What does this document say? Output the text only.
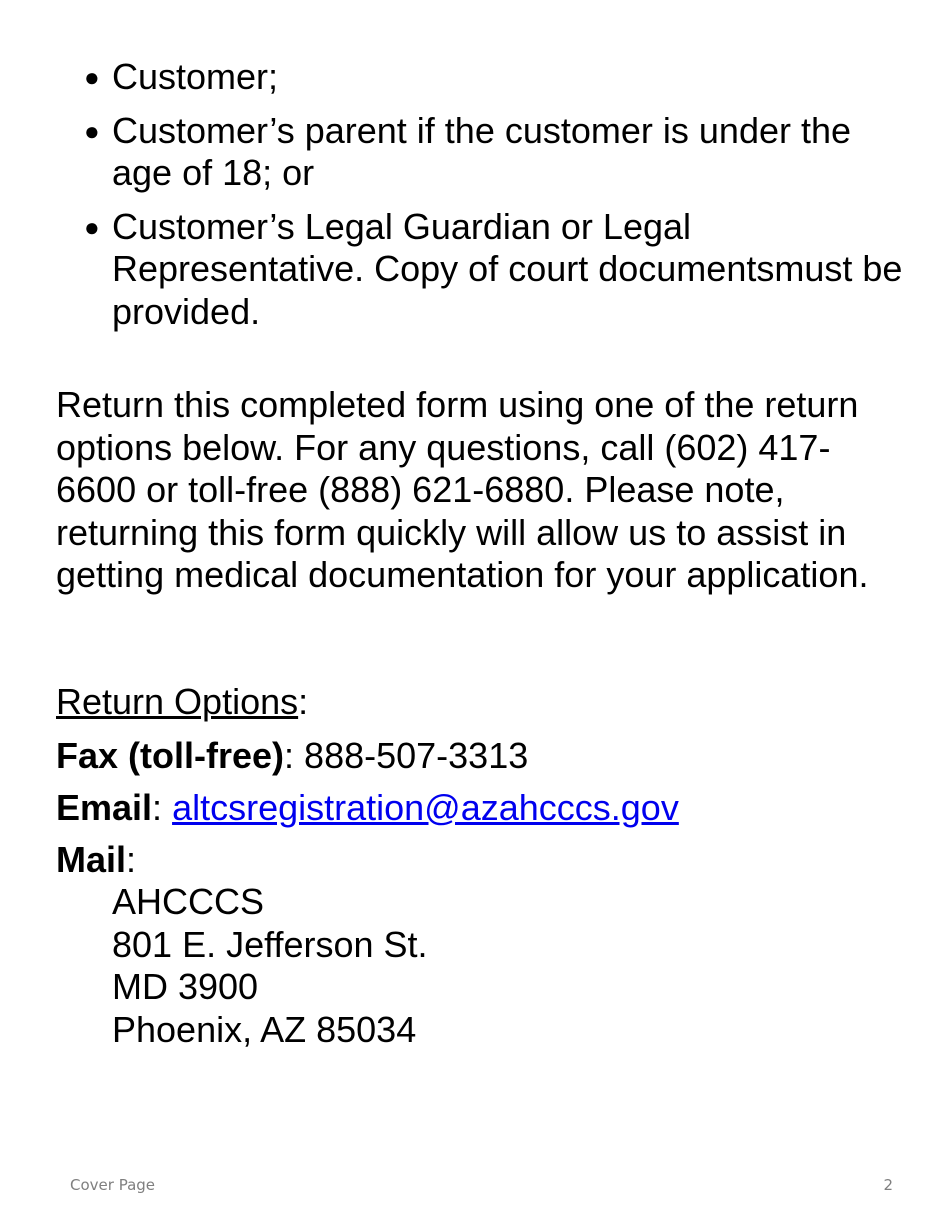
● Customer;
● Customer’s parent if the customer is under the age of 18; or
● Customer’s Legal Guardian or Legal Representative. Copy of court documentsmust be provided.
Return this completed form using one of the return options below. For any questions, call (602) 417-
6600 or toll-free (888) 621-6880. Please note, returning this form quickly will allow us to assist in getting medical documentation for your application.
Return Options:
Fax (toll-free): 888-507-3313
Email: altcsregistration@azahcccs.gov
Mail:
AHCCCS
801 E. Jefferson St.
MD 3900
Phoenix, AZ 85034
Cover Page	2
